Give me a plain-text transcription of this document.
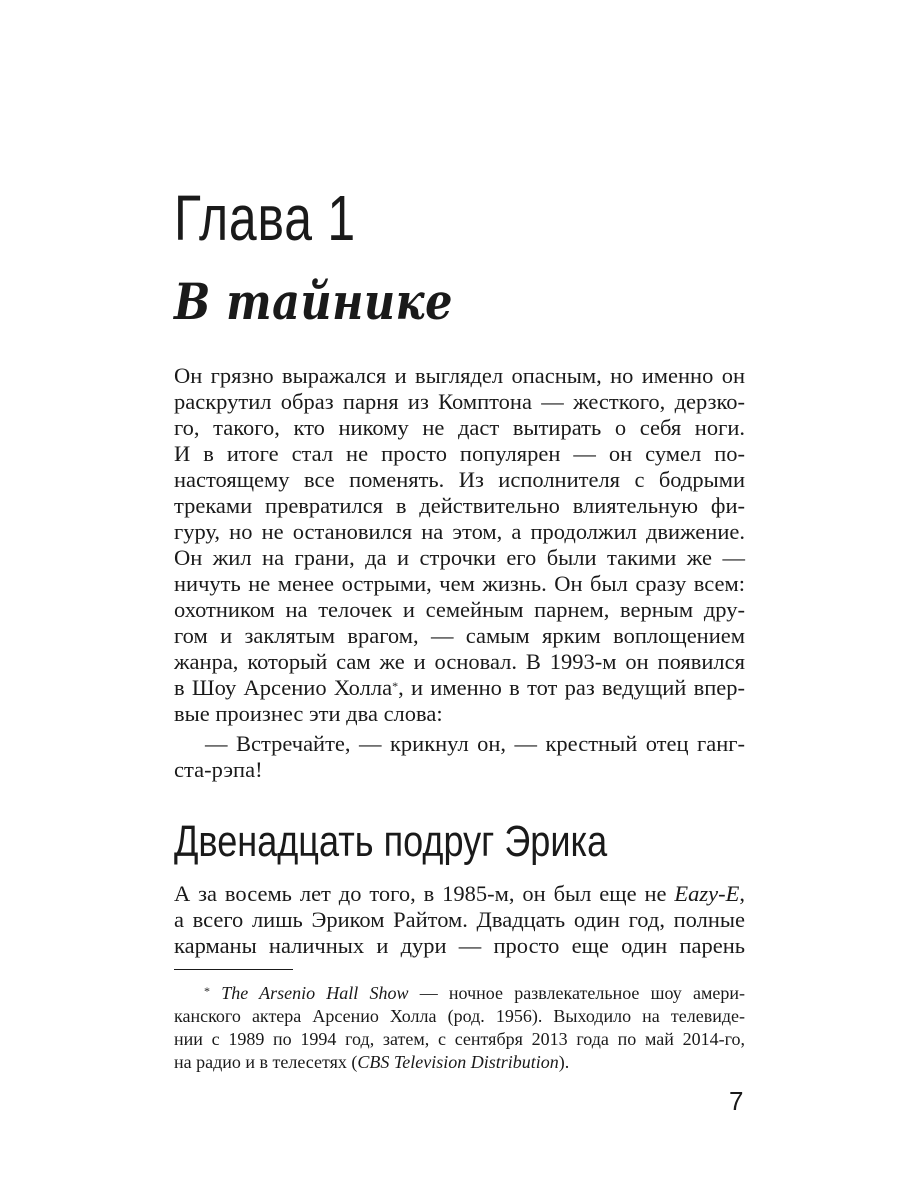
Глава 1
В тайнике
Он грязно выражался и выглядел опасным, но именно он
раскрутил образ парня из Комптона — жесткого, дерзко-
го, такого, кто никому не даст вытирать о себя ноги.
И в итоге стал не просто популярен — он сумел по-
настоящему все поменять. Из исполнителя с бодрыми
треками превратился в действительно влиятельную фи-
гуру, но не остановился на этом, а продолжил движение.
Он жил на грани, да и строчки его были такими же —
ничуть не менее острыми, чем жизнь. Он был сразу всем:
охотником на телочек и семейным парнем, верным дру-
гом и заклятым врагом, — самым ярким воплощением
жанра, который сам же и основал. В 1993-м он появился
в Шоу Арсенио Холла*, и именно в тот раз ведущий впер-
вые произнес эти два слова:
— Встречайте, — крикнул он, — крестный отец ганг-
ста-рэпа!
Двенадцать подруг Эрика
А за восемь лет до того, в 1985-м, он был еще не Eazy-E,
а всего лишь Эриком Райтом. Двадцать один год, полные
карманы наличных и дури — просто еще один парень
* The Arsenio Hall Show — ночное развлекательное шоу амери-
канского актера Арсенио Холла (род. 1956). Выходило на телевиде-
нии с 1989 по 1994 год, затем, с сентября 2013 года по май 2014-го,
на радио и в телесетях (CBS Television Distribution).
7
